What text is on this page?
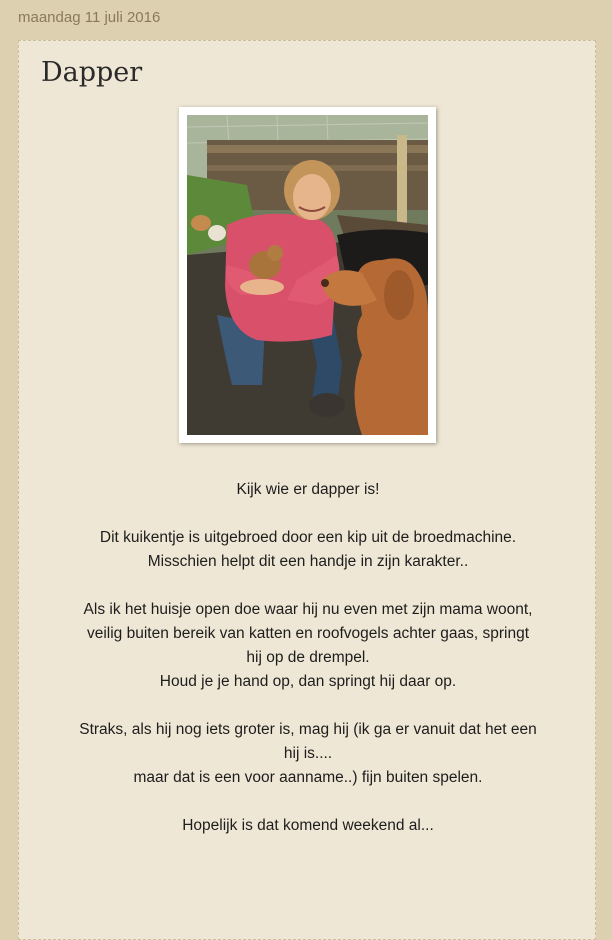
maandag 11 juli 2016
Dapper

Kijk wie er dapper is!

Dit kuikentje is uitgebroed door een kip uit de broedmachine.

Misschien helpt dit een handje in zijn karakter..

Als ik het huisje open doe waar hij nu even met zijn mama woont,

veilig buiten bereik van katten en roofvogels achter gaas, springt

hij op de drempel.

Houd je je hand op, dan springt hij daar op.

Straks, als hij nog iets groter is, mag hij (ik ga er vanuit dat het een

hij is....

maar dat is een voor aanname..) fijn buiten spelen.

Hopelijk is dat komend weekend al...
